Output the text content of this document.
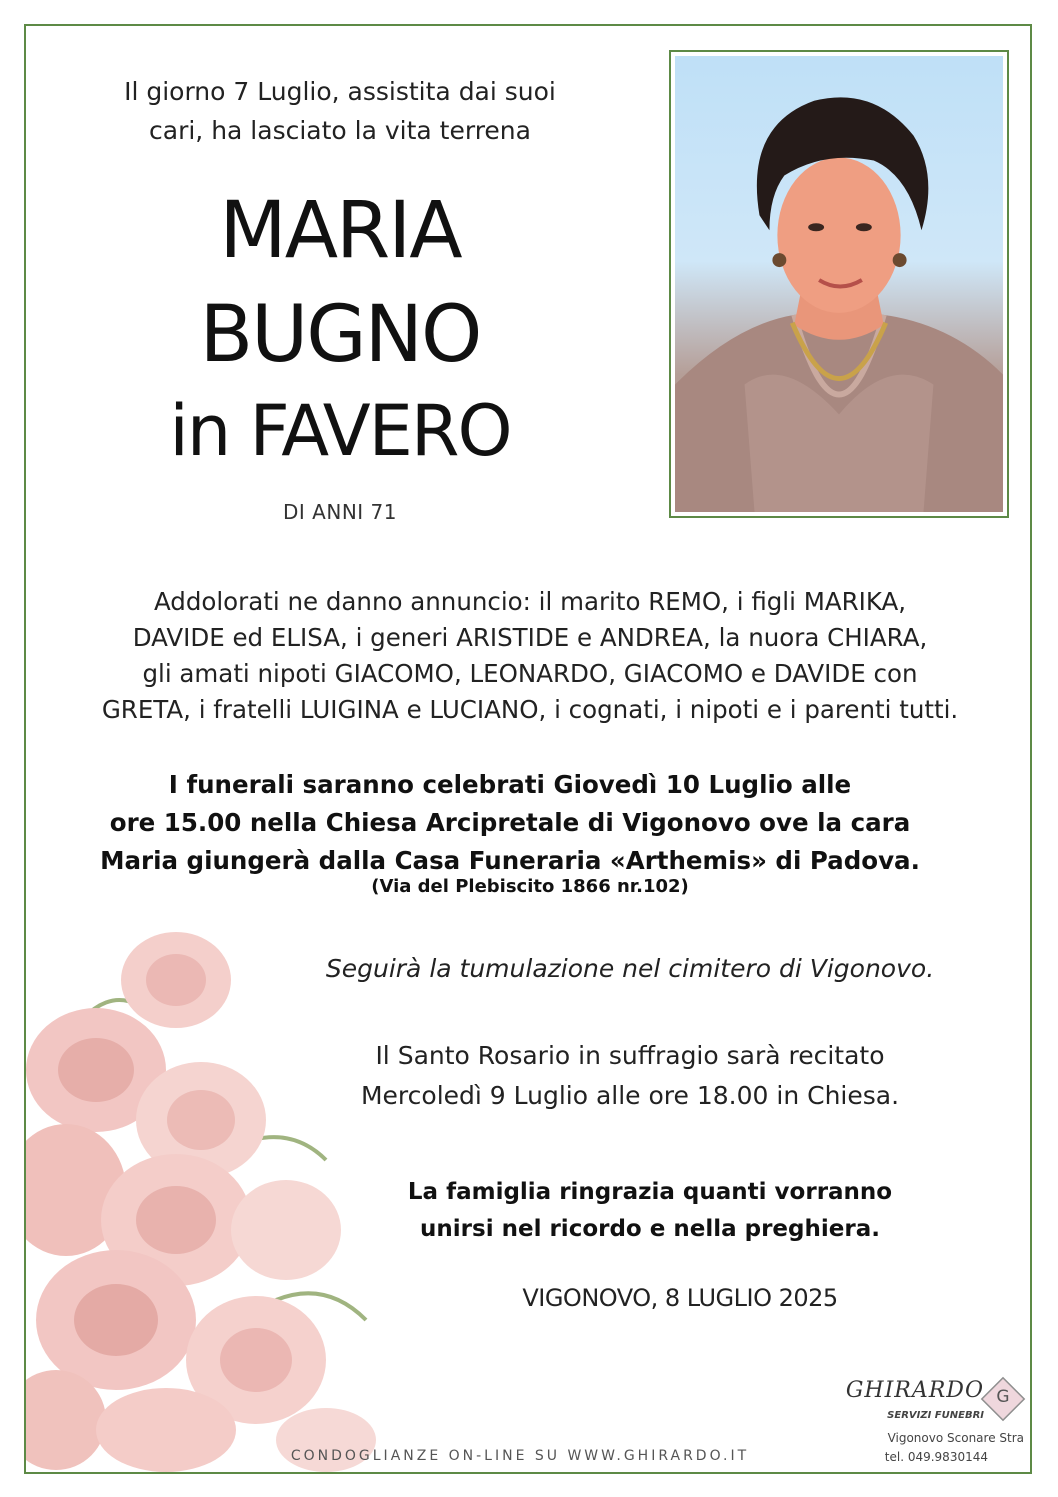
Il giorno 7 Luglio, assistita dai suoi
cari, ha lasciato la vita terrena
MARIA
BUGNO
in FAVERO
DI ANNI 71
Addolorati ne danno annuncio: il marito REMO, i figli MARIKA,
DAVIDE ed ELISA, i generi ARISTIDE e ANDREA, la nuora CHIARA,
gli amati nipoti GIACOMO, LEONARDO, GIACOMO e DAVIDE con
GRETA, i fratelli LUIGINA e LUCIANO, i cognati, i nipoti e i parenti tutti.
I funerali saranno celebrati Giovedì 10 Luglio alle
ore 15.00 nella Chiesa Arcipretale di Vigonovo ove la cara
Maria giungerà dalla Casa Funeraria «Arthemis» di Padova.
(Via del Plebiscito 1866 nr.102)
Seguirà la tumulazione nel cimitero di Vigonovo.
Il Santo Rosario in suffragio sarà recitato
Mercoledì 9 Luglio alle ore 18.00 in Chiesa.
La famiglia ringrazia quanti vorranno
unirsi nel ricordo e nella preghiera.
VIGONOVO, 8 LUGLIO 2025
CONDOGLIANZE ON-LINE SU WWW.GHIRARDO.IT
GHIRARDO
SERVIZI FUNEBRI
G
Vigonovo Sconare Stra
tel. 049.9830144
